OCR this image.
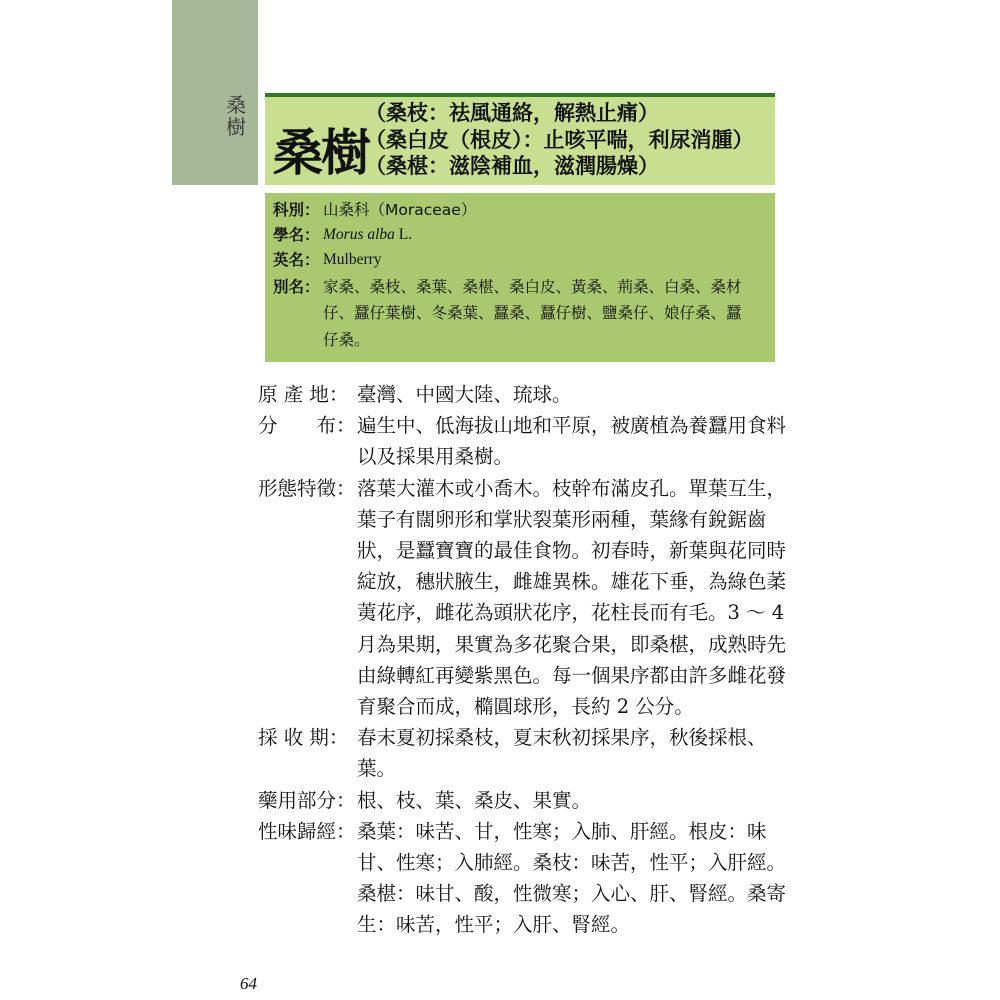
桑樹 桑樹
（桑枝：祛風通絡，解熱止痛）
（桑白皮（根皮）：止咳平喘，利尿消腫）
（桑椹：滋陰補血，滋潤腸燥）
科別： 山桑科（Moraceae）
學名： Morus alba L.
英名： Mulberry
別名： 家桑、桑枝、桑葉、桑椹、桑白皮、黃桑、荊桑、白桑、桑材
仔、蠶仔葉樹、冬桑葉、蠶桑、蠶仔樹、鹽桑仔、娘仔桑、蠶
仔桑。
原 產 地： 臺灣、中國大陸、琉球。
分　　布： 遍生中、低海拔山地和平原，被廣植為養蠶用食料
以及採果用桑樹。
形態特徵： 落葉大灌木或小喬木。枝幹布滿皮孔。單葉互生，
葉子有闊卵形和掌狀裂葉形兩種，葉緣有銳鋸齒
狀，是蠶寶寶的最佳食物。初春時，新葉與花同時
綻放，穗狀腋生，雌雄異株。雄花下垂，為綠色葇
荑花序，雌花為頭狀花序，花柱長而有毛。3 ～ 4
月為果期，果實為多花聚合果，即桑椹，成熟時先
由綠轉紅再變紫黑色。每一個果序都由許多雌花發
育聚合而成，橢圓球形，長約 2 公分。
採 收 期： 春末夏初採桑枝，夏末秋初採果序，秋後採根、
葉。
藥用部分： 根、枝、葉、桑皮、果實。
性味歸經： 桑葉：味苦、甘，性寒；入肺、肝經。根皮：味
甘、性寒；入肺經。桑枝：味苦，性平；入肝經。
桑椹：味甘、酸，性微寒；入心、肝、腎經。桑寄
生：味苦，性平；入肝、腎經。
64
